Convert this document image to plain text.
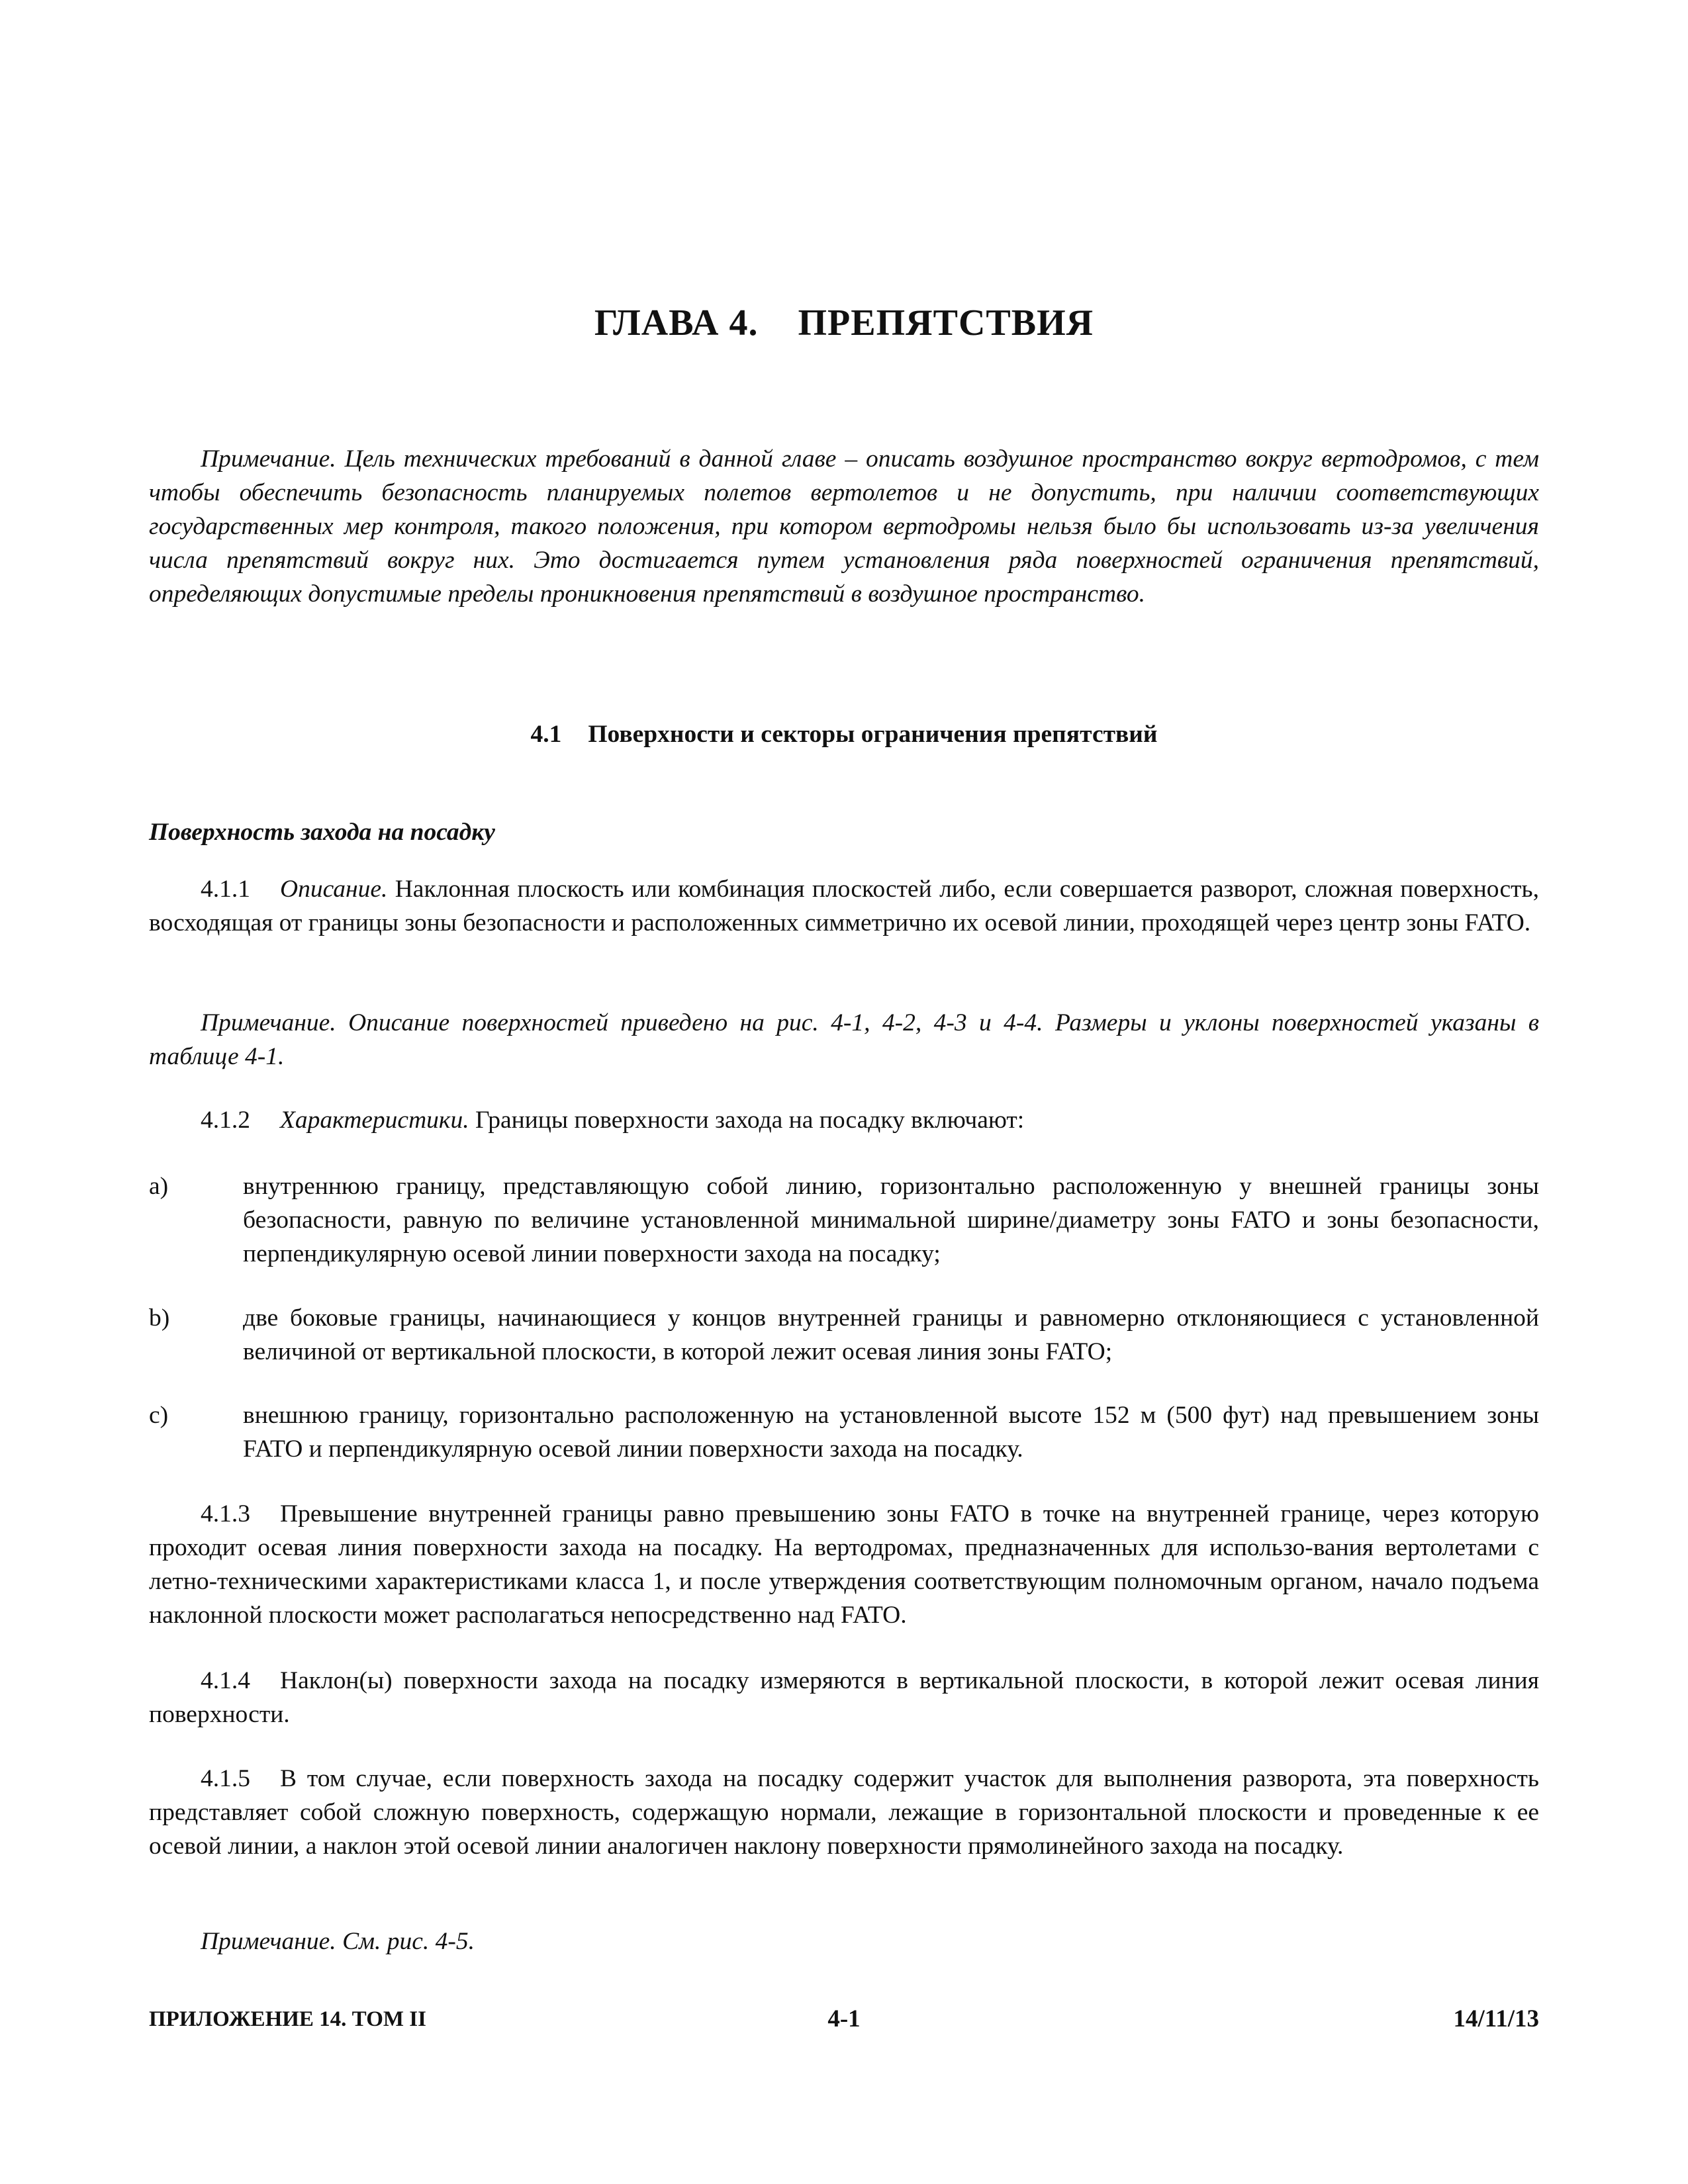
ГЛАВА 4. ПРЕПЯТСТВИЯ

Примечание. Цель технических требований в данной главе – описать воздушное пространство вокруг вертодромов, с тем чтобы обеспечить безопасность планируемых полетов вертолетов и не допустить, при наличии соответствующих государственных мер контроля, такого положения, при котором вертодромы нельзя было бы использовать из-за увеличения числа препятствий вокруг них. Это достигается путем установления ряда поверхностей ограничения препятствий, определяющих допустимые пределы проникновения препятствий в воздушное пространство.

4.1 Поверхности и секторы ограничения препятствий
Поверхность захода на посадку

4.1.1 Описание. Наклонная плоскость или комбинация плоскостей либо, если совершается разворот, сложная поверхность, восходящая от границы зоны безопасности и расположенных симметрично их осевой линии, проходящей через центр зоны FATO.

Примечание. Описание поверхностей приведено на рис. 4-1, 4-2, 4-3 и 4-4. Размеры и уклоны поверхностей указаны в таблице 4-1.

4.1.2 Характеристики. Границы поверхности захода на посадку включают:

a)	внутреннюю границу, представляющую собой линию, горизонтально расположенную у внешней границы зоны безопасности, равную по величине установленной минимальной ширине/диаметру зоны FATO и зоны безопасности, перпендикулярную осевой линии поверхности захода на посадку;
b)	две боковые границы, начинающиеся у концов внутренней границы и равномерно отклоняющиеся с установленной величиной от вертикальной плоскости, в которой лежит осевая линия зоны FATO;
c)	внешнюю границу, горизонтально расположенную на установленной высоте 152 м (500 фут) над превышением зоны FATO и перпендикулярную осевой линии поверхности захода на посадку.

4.1.3 Превышение внутренней границы равно превышению зоны FATO в точке на внутренней границе, через которую проходит осевая линия поверхности захода на посадку. На вертодромах, предназначенных для использо-вания вертолетами с летно-техническими характеристиками класса 1, и после утверждения соответствующим полномочным органом, начало подъема наклонной плоскости может располагаться непосредственно над FATO.

4.1.4 Наклон(ы) поверхности захода на посадку измеряются в вертикальной плоскости, в которой лежит осевая линия поверхности.

4.1.5 В том случае, если поверхность захода на посадку содержит участок для выполнения разворота, эта поверхность представляет собой сложную поверхность, содержащую нормали, лежащие в горизонтальной плоскости и проведенные к ее осевой линии, а наклон этой осевой линии аналогичен наклону поверхности прямолинейного захода на посадку.

Примечание. См. рис. 4-5.

ПРИЛОЖЕНИЕ 14. ТОМ II	4-1	14/11/13
